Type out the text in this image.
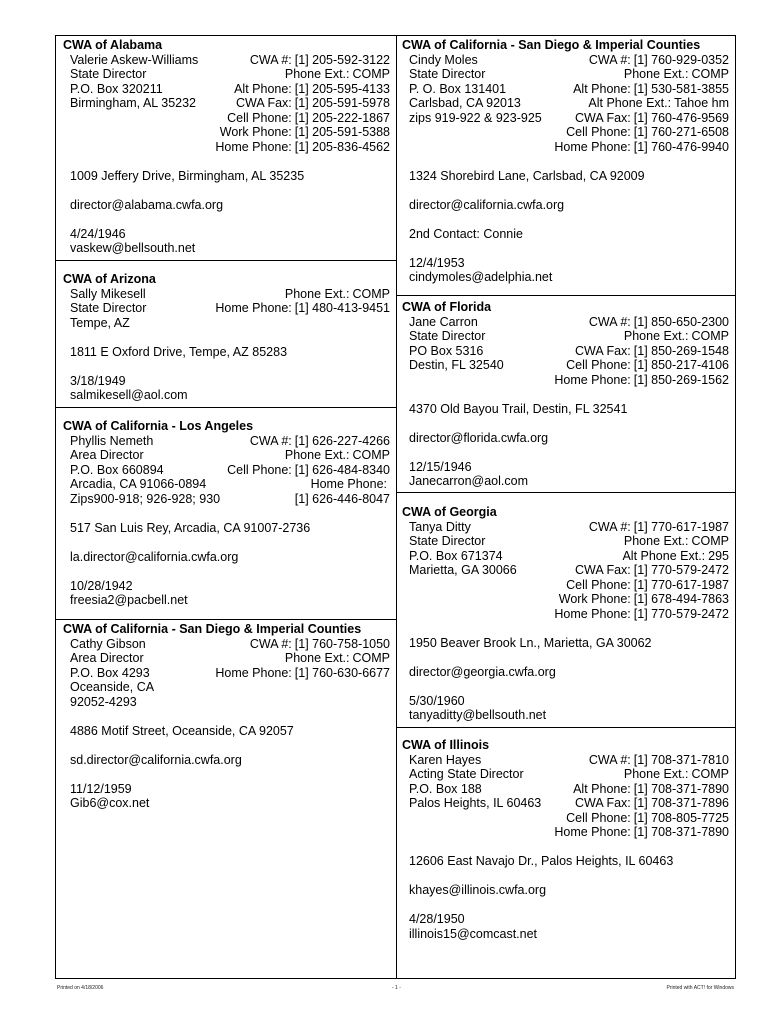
CWA of Alabama
Valerie Askew-Williams
State Director
P.O. Box 320211
Birmingham, AL 35232
CWA #: [1] 205-592-3122
Phone Ext.: COMP
Alt Phone: [1] 205-595-4133
CWA Fax: [1] 205-591-5978
Cell Phone: [1] 205-222-1867
Work Phone: [1] 205-591-5388
Home Phone: [1] 205-836-4562
1009 Jeffery Drive, Birmingham, AL 35235
director@alabama.cwfa.org
4/24/1946
vaskew@bellsouth.net
CWA of Arizona
Sally Mikesell
State Director
Tempe, AZ
Phone Ext.: COMP
Home Phone: [1] 480-413-9451
1811 E Oxford Drive, Tempe, AZ 85283
3/18/1949
salmikesell@aol.com
CWA of California - Los Angeles
Phyllis Nemeth
Area Director
P.O. Box 660894
Arcadia, CA 91066-0894
Zips900-918; 926-928; 930
CWA #: [1] 626-227-4266
Phone Ext.: COMP
Cell Phone: [1] 626-484-8340
Home Phone:
[1] 626-446-8047
517 San Luis Rey, Arcadia, CA 91007-2736
la.director@california.cwfa.org
10/28/1942
freesia2@pacbell.net
CWA of California - San Diego & Imperial Counties
Cathy Gibson
Area Director
P.O. Box 4293
Oceanside, CA
92052-4293
CWA #: [1] 760-758-1050
Phone Ext.: COMP
Home Phone: [1] 760-630-6677
4886 Motif Street, Oceanside, CA 92057
sd.director@california.cwfa.org
11/12/1959
Gib6@cox.net
CWA of California - San Diego & Imperial Counties
Cindy Moles
State Director
P. O. Box 131401
Carlsbad, CA 92013
zips 919-922 & 923-925
CWA #: [1] 760-929-0352
Phone Ext.: COMP
Alt Phone: [1] 530-581-3855
Alt Phone Ext.: Tahoe hm
CWA Fax: [1] 760-476-9569
Cell Phone: [1] 760-271-6508
Home Phone: [1] 760-476-9940
1324 Shorebird Lane, Carlsbad, CA 92009
director@california.cwfa.org
2nd Contact: Connie
12/4/1953
cindymoles@adelphia.net
CWA of Florida
Jane Carron
State Director
PO Box 5316
Destin, FL 32540
CWA #: [1] 850-650-2300
Phone Ext.: COMP
CWA Fax: [1] 850-269-1548
Cell Phone: [1] 850-217-4106
Home Phone: [1] 850-269-1562
4370 Old Bayou Trail, Destin, FL 32541
director@florida.cwfa.org
12/15/1946
Janecarron@aol.com
CWA of Georgia
Tanya Ditty
State Director
P.O. Box 671374
Marietta, GA 30066
CWA #: [1] 770-617-1987
Phone Ext.: COMP
Alt Phone Ext.: 295
CWA Fax: [1] 770-579-2472
Cell Phone: [1] 770-617-1987
Work Phone: [1] 678-494-7863
Home Phone: [1] 770-579-2472
1950 Beaver Brook Ln., Marietta, GA 30062
director@georgia.cwfa.org
5/30/1960
tanyaditty@bellsouth.net
CWA of Illinois
Karen Hayes
Acting State Director
P.O. Box 188
Palos Heights, IL 60463
CWA #: [1] 708-371-7810
Phone Ext.: COMP
Alt Phone: [1] 708-371-7890
CWA Fax: [1] 708-371-7896
Cell Phone: [1] 708-805-7725
Home Phone: [1] 708-371-7890
12606 East Navajo Dr., Palos Heights, IL 60463
khayes@illinois.cwfa.org
4/28/1950
illinois15@comcast.net
Printed on 4/18/2006	- 1 -	Printed with ACT! for Windows
